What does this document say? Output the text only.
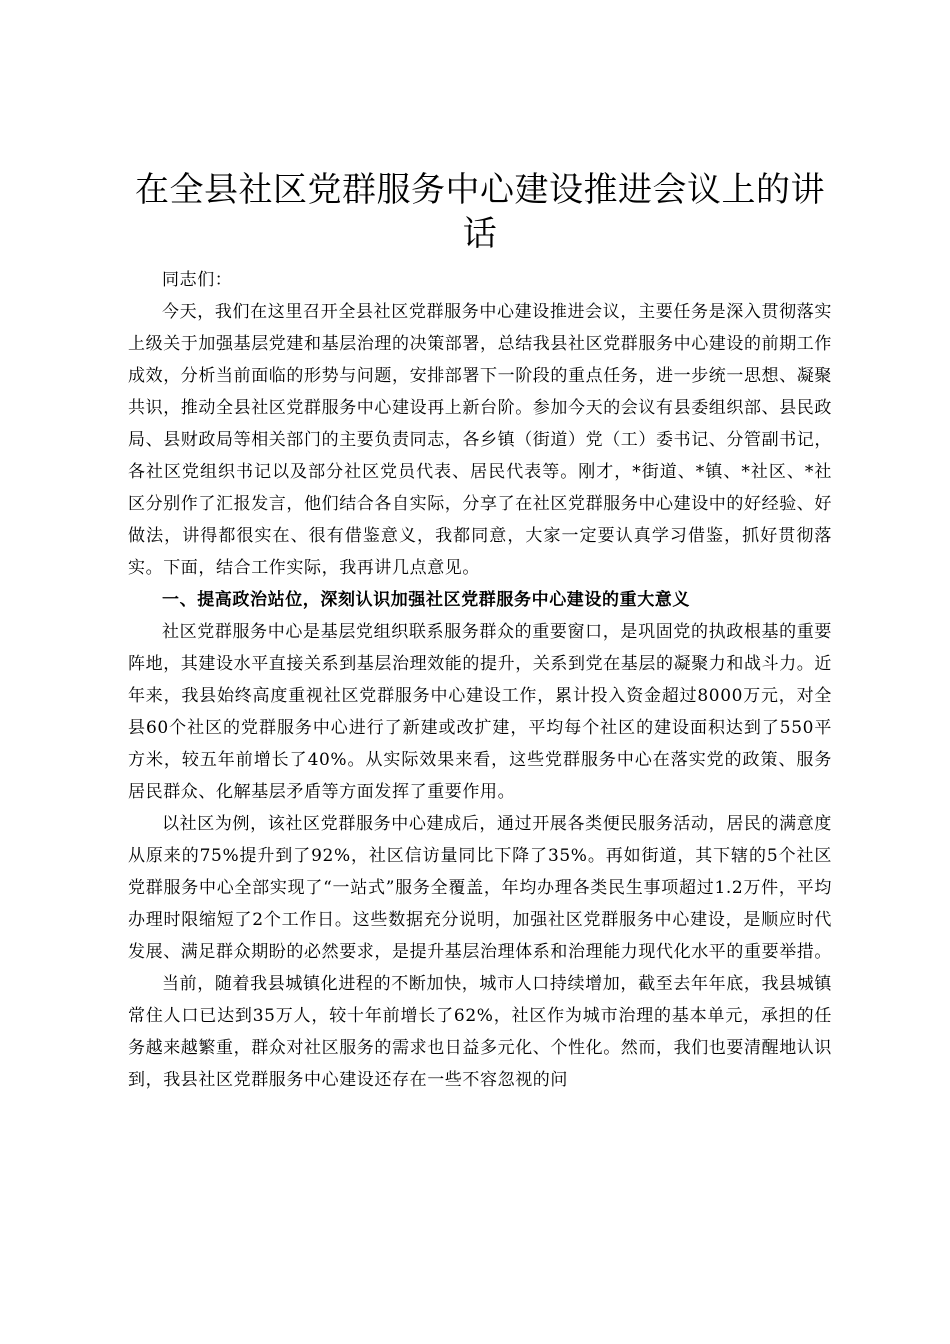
在全县社区党群服务中心建设推进会议上的讲话

同志们：

今天，我们在这里召开全县社区党群服务中心建设推进会议，主要任务是深入贯彻落实上级关于加强基层党建和基层治理的决策部署，总结我县社区党群服务中心建设的前期工作成效，分析当前面临的形势与问题，安排部署下一阶段的重点任务，进一步统一思想、凝聚共识，推动全县社区党群服务中心建设再上新台阶。参加今天的会议有县委组织部、县民政局、县财政局等相关部门的主要负责同志，各乡镇（街道）党（工）委书记、分管副书记，各社区党组织书记以及部分社区党员代表、居民代表等。刚才，*街道、*镇、*社区、*社区分别作了汇报发言，他们结合各自实际，分享了在社区党群服务中心建设中的好经验、好做法，讲得都很实在、很有借鉴意义，我都同意，大家一定要认真学习借鉴，抓好贯彻落实。下面，结合工作实际，我再讲几点意见。

一、提高政治站位，深刻认识加强社区党群服务中心建设的重大意义

社区党群服务中心是基层党组织联系服务群众的重要窗口，是巩固党的执政根基的重要阵地，其建设水平直接关系到基层治理效能的提升，关系到党在基层的凝聚力和战斗力。近年来，我县始终高度重视社区党群服务中心建设工作，累计投入资金超过8000万元，对全县60个社区的党群服务中心进行了新建或改扩建，平均每个社区的建设面积达到了550平方米，较五年前增长了40%。从实际效果来看，这些党群服务中心在落实党的政策、服务居民群众、化解基层矛盾等方面发挥了重要作用。

以社区为例，该社区党群服务中心建成后，通过开展各类便民服务活动，居民的满意度从原来的75%提升到了92%，社区信访量同比下降了35%。再如街道，其下辖的5个社区党群服务中心全部实现了“一站式”服务全覆盖，年均办理各类民生事项超过1.2万件，平均办理时限缩短了2个工作日。这些数据充分说明，加强社区党群服务中心建设，是顺应时代发展、满足群众期盼的必然要求，是提升基层治理体系和治理能力现代化水平的重要举措。

当前，随着我县城镇化进程的不断加快，城市人口持续增加，截至去年年底，我县城镇常住人口已达到35万人，较十年前增长了62%，社区作为城市治理的基本单元，承担的任务越来越繁重，群众对社区服务的需求也日益多元化、个性化。然而，我们也要清醒地认识到，我县社区党群服务中心建设还存在一些不容忽视的问
